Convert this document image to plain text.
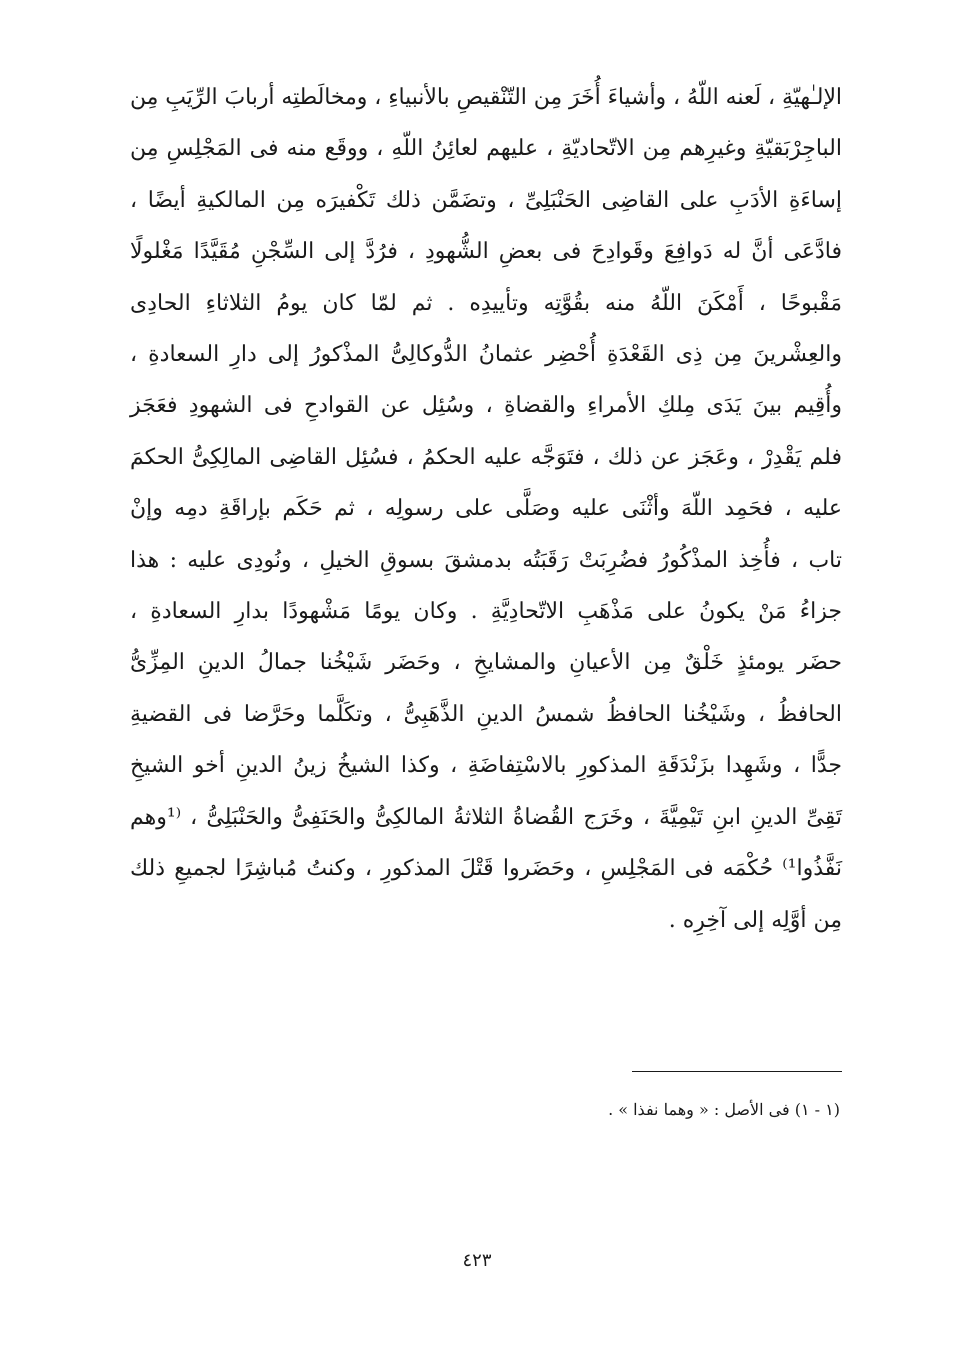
الإلـٰهيّةِ ، لَعنه اللّهُ ، وأشياءَ أُخَرَ مِن التّنْقيصِ بالأنبياءِ ، ومخالَطتِه أربابَ الرِّيَبِ مِن
الباجِرْبَقيّةِ وغيرِهم مِن الاتّحاديّةِ ، عليهم لعائِنُ اللّهِ ، ووقَع منه فى المَجْلِسِ مِن
إساءَةِ الأدَبِ على القاضِى الحَنْبَلِىِّ ، وتضَمَّن ذلك تَكْفيرَه مِن المالكيةِ أيضًا ،
فادَّعَى أنَّ له دَوافِعَ وقَوادِحَ فى بعضِ الشُّهودِ ، فرُدَّ إلى السِّجْنِ مُقَيَّدًا مَغْلولًا
مَقْبوحًا ، أَمْكَنَ اللّهُ منه بقُوَّتِه وتأييدِه . ثم لمّا كان يومُ الثلاثاءِ الحادِى
والعِشْرينَ مِن ذِى القَعْدَةِ أُحْضِر عثمانُ الدُّوكالِىُّ المذْكورُ إلى دارِ السعادةِ ،
وأُقِيم بينَ يَدَى مِلكِ الأمراءِ والقضاةِ ، وسُئِل عن القوادحِ فى الشهودِ فعَجَز
فلم يَقْدِرْ ، وعَجَز عن ذلك ، فتَوَجَّه عليه الحكمُ ، فسُئِل القاضِى المالِكِىُّ الحكمَ
عليه ، فحَمِد اللّهَ وأثْنَى عليه وصَلَّى على رسولِه ، ثم حَكَم بإراقَةِ دمِه وإنْ
تاب ، فأُخِذ المذْكُورُ فضُرِبَتْ رَقَبَتُه بدمشقَ بسوقِ الخيلِ ، ونُودِى عليه : هذا
جزاءُ مَنْ يكونُ على مَذْهَبِ الاتّحادِيَّةِ . وكان يومًا مَشْهودًا بدارِ السعادةِ ،
حضَر يومئذٍ خَلْقٌ مِن الأعيانِ والمشايخِ ، وحَضَر شَيْخُنا جمالُ الدينِ المِزِّىُّ
الحافظُ ، وشَيْخُنا الحافظُ شمسُ الدينِ الذَّهَبِىُّ ، وتكَلَّما وحَرَّضا فى القضيةِ
جدًّا ، وشَهِدا بزَنْدَقَةِ المذكورِ بالاسْتِفاضَةِ ، وكذا الشيخُ زينُ الدينِ أخو الشيخِ
تَقِىِّ الدينِ ابنِ تَيْمِيَّةَ ، وخَرَج القُضاةُ الثلاثةُ المالكِىُّ والحَنَفِىُّ والحَنْبَلِىُّ ، ⁽¹وهم
نَفَّذُوا¹⁾ حُكْمَه فى المَجْلِسِ ، وحَضَروا قَتْلَ المذكورِ ، وكنتُ مُباشِرًا لجميعِ ذلك
مِن أوَّلِه إلى آخِرِه .
(١ - ١) فى الأصل : « وهما نفذا » .
٤٢٣
